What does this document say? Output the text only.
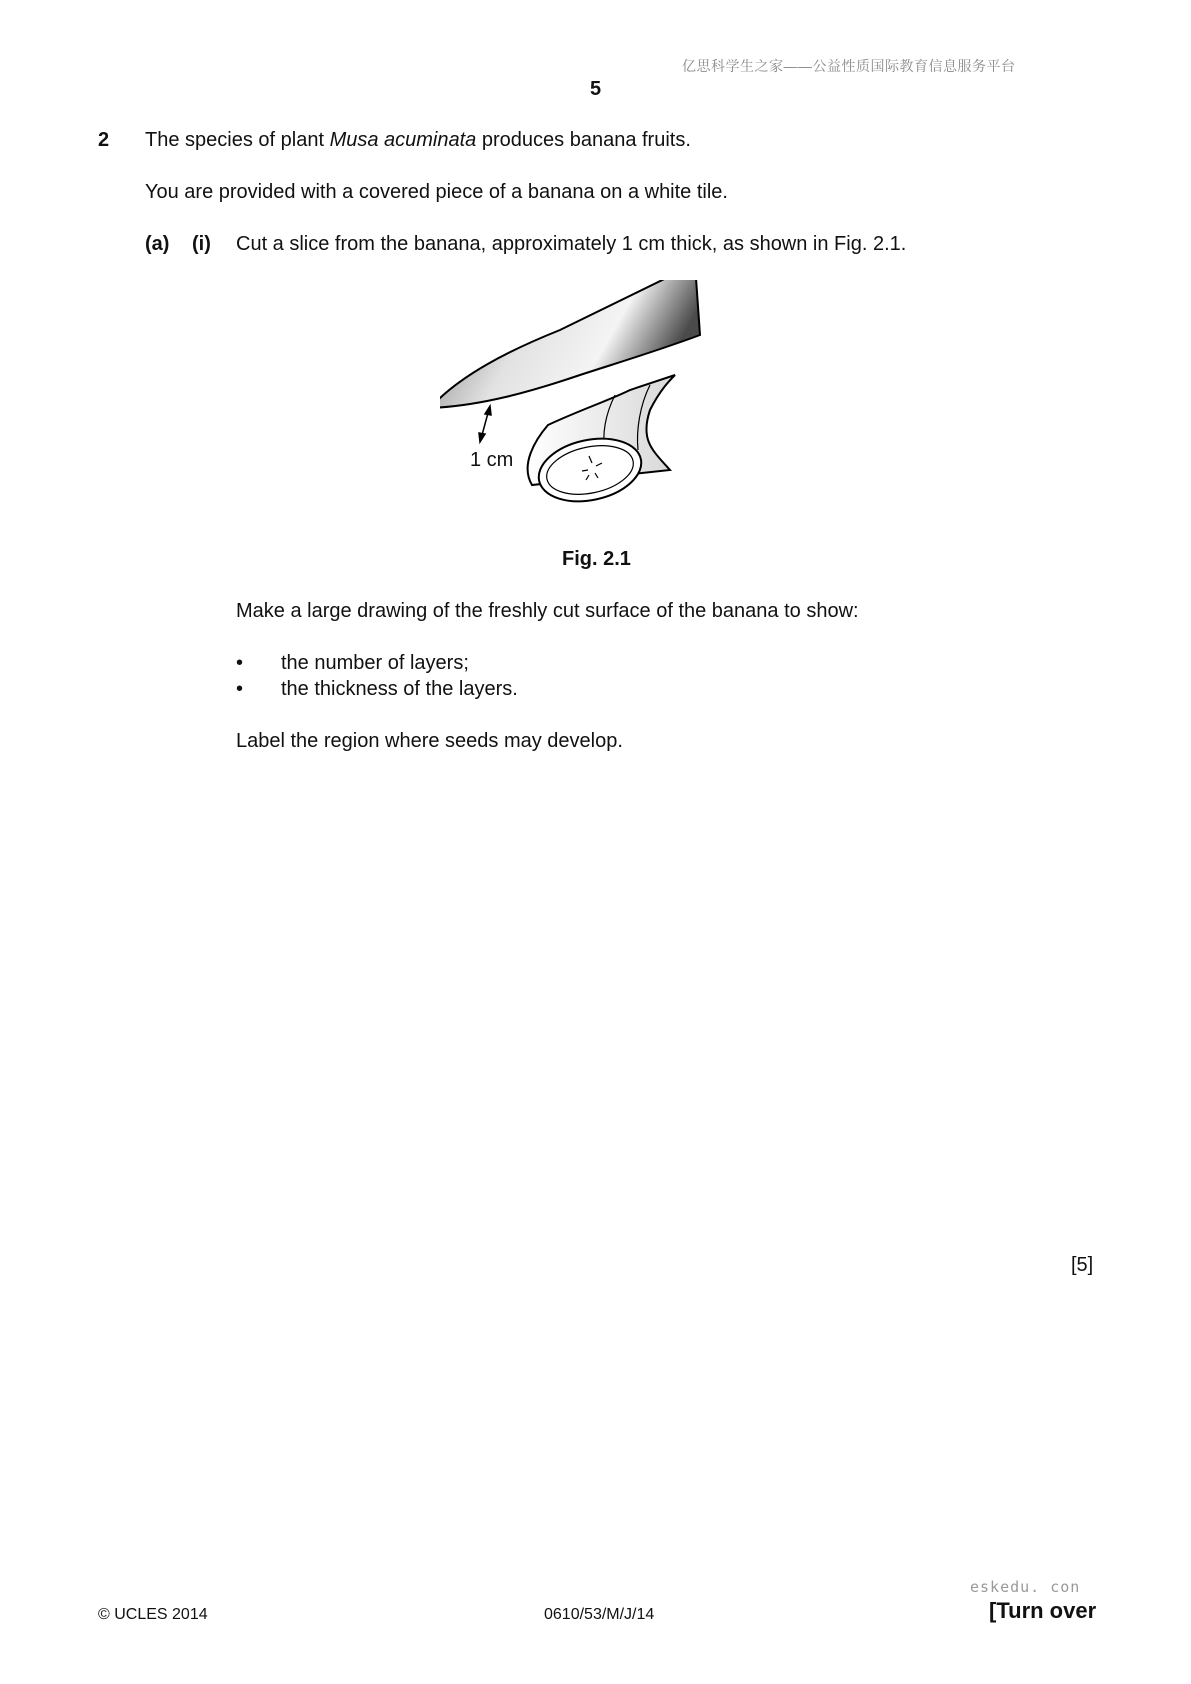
亿思科学生之家——公益性质国际教育信息服务平台
5
2 The species of plant Musa acuminata produces banana fruits.
You are provided with a covered piece of a banana on a white tile.
(a) (i) Cut a slice from the banana, approximately 1 cm thick, as shown in Fig. 2.1.
1 cm
Fig. 2.1
Make a large drawing of the freshly cut surface of the banana to show:
• the number of layers;
• the thickness of the layers.
Label the region where seeds may develop.
[5]
eskedu. con
© UCLES 2014	0610/53/M/J/14	[Turn over
